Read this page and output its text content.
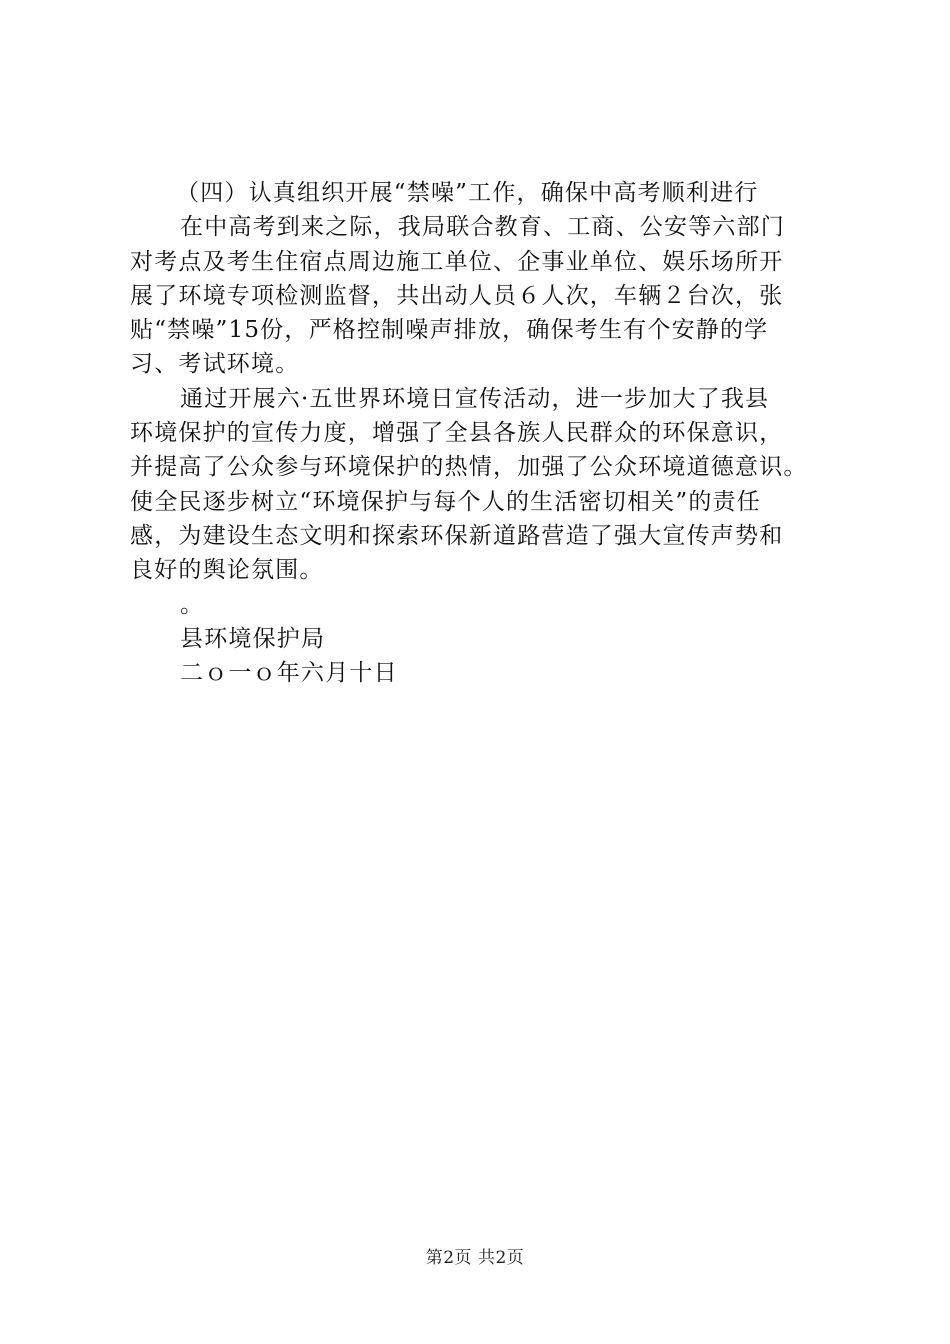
（四）认真组织开展“禁噪”工作，确保中高考顺利进行
在中高考到来之际，我局联合教育、工商、公安等六部门
对考点及考生住宿点周边施工单位、企事业单位、娱乐场所开
展了环境专项检测监督，共出动人员６人次，车辆２台次，张
贴“禁噪”15份，严格控制噪声排放，确保考生有个安静的学
习、考试环境。
通过开展六·五世界环境日宣传活动，进一步加大了我县
环境保护的宣传力度，增强了全县各族人民群众的环保意识，
并提高了公众参与环境保护的热情，加强了公众环境道德意识。
使全民逐步树立“环境保护与每个人的生活密切相关”的责任
感，为建设生态文明和探索环保新道路营造了强大宣传声势和
良好的舆论氛围。
。
县环境保护局
二ｏ一ｏ年六月十日
第2页 共2页
